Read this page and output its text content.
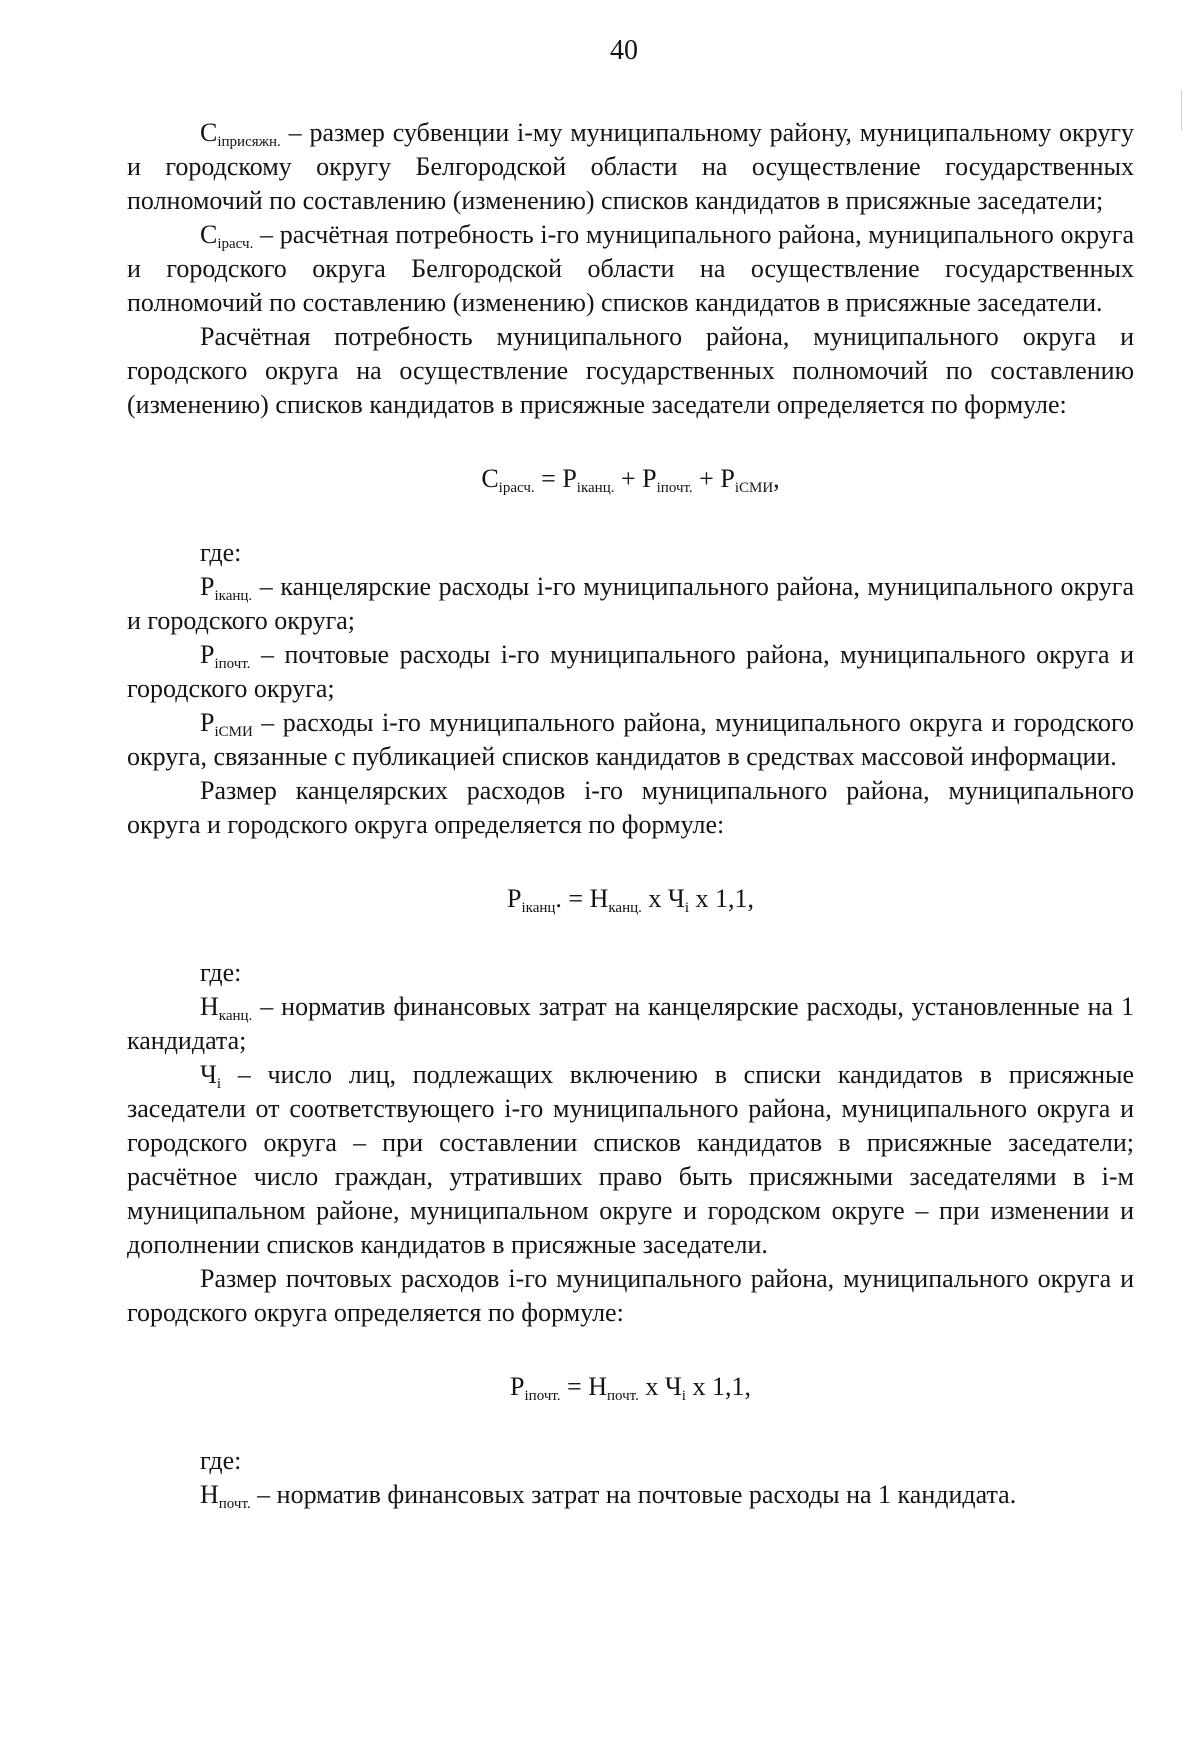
40

$С_{iприсяжн.}$ – размер субвенции i-му муниципальному району, муниципальному округу и городскому округу Белгородской области на осуществление государственных полномочий по составлению (изменению) списков кандидатов в присяжные заседатели;

$С_{iрасч.}$ – расчётная потребность i-го муниципального района, муниципального округа и городского округа Белгородской области на осуществление государственных полномочий по составлению (изменению) списков кандидатов в присяжные заседатели.

Расчётная потребность муниципального района, муниципального округа и городского округа на осуществление государственных полномочий по составлению (изменению) списков кандидатов в присяжные заседатели определяется по формуле:

$С_{iрасч.} = Р_{iканц.} + Р_{iпочт.} + Р_{iСМИ}$,

где:

$Р_{iканц.}$ – канцелярские расходы i-го муниципального района, муниципального округа и городского округа;

$Р_{iпочт.}$ – почтовые расходы i-го муниципального района, муниципального округа и городского округа;

$Р_{iСМИ}$ – расходы i-го муниципального района, муниципального округа и городского округа, связанные с публикацией списков кандидатов в средствах массовой информации.

Размер канцелярских расходов i-го муниципального района, муниципального округа и городского округа определяется по формуле:

$Р_{iканц}$. = $Н_{канц.}$ х $Ч_i$ х 1,1,

где:

$Н_{канц.}$ – норматив финансовых затрат на канцелярские расходы, установленные на 1 кандидата;

$Ч_i$ – число лиц, подлежащих включению в списки кандидатов в присяжные заседатели от соответствующего i-го муниципального района, муниципального округа и городского округа – при составлении списков кандидатов в присяжные заседатели; расчётное число граждан, утративших право быть присяжными заседателями в i-м муниципальном районе, муниципальном округе и городском округе – при изменении и дополнении списков кандидатов в присяжные заседатели.

Размер почтовых расходов i-го муниципального района, муниципального округа и городского округа определяется по формуле:

$Р_{iпочт.} = Н_{почт.}$ х $Ч_i$ х 1,1,

где:

$Н_{почт.}$ – норматив финансовых затрат на почтовые расходы на 1 кандидата.
